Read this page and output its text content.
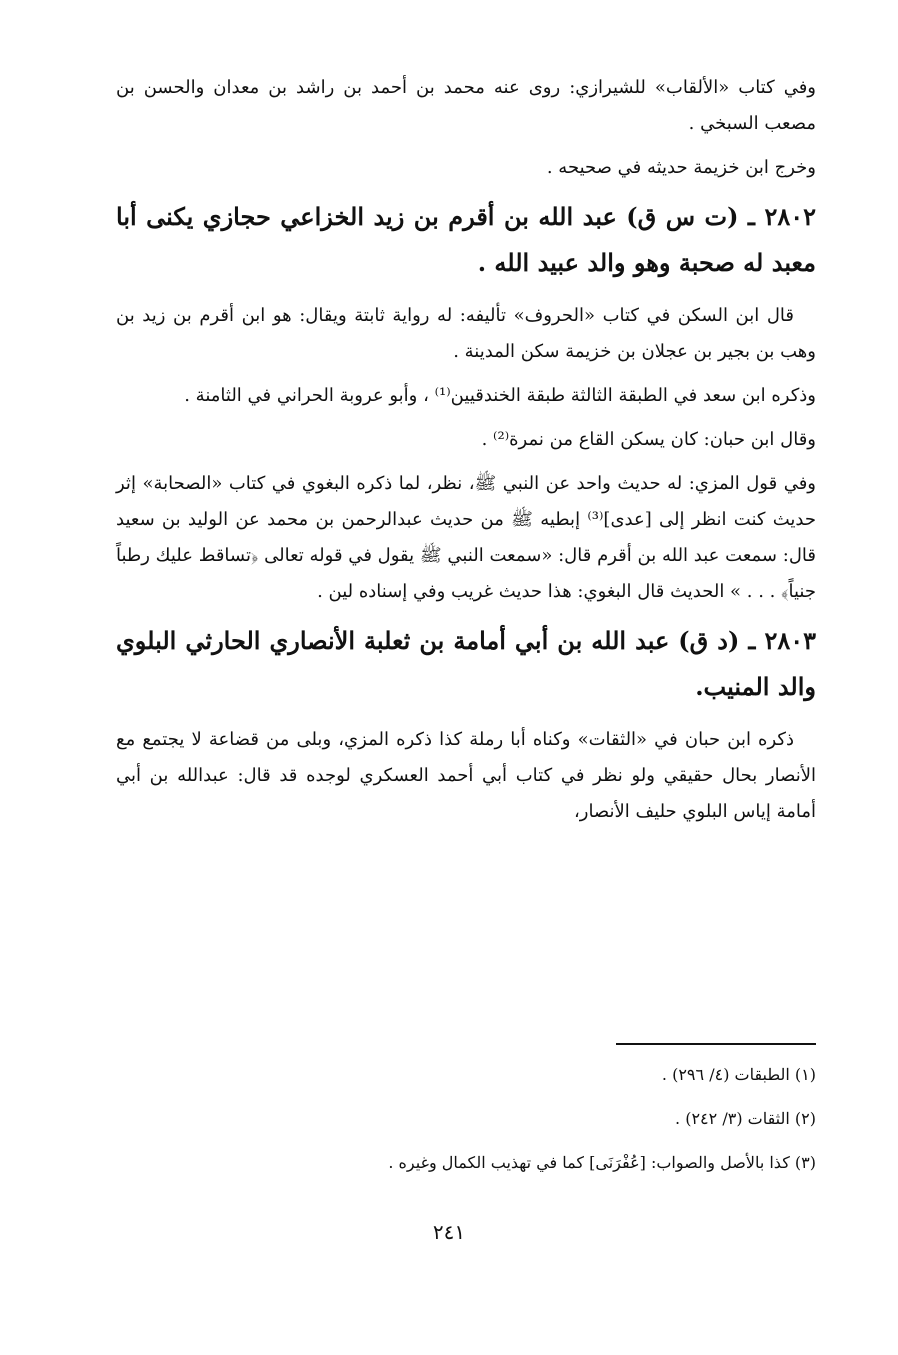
وفي كتاب «الألقاب» للشيرازي: روى عنه محمد بن أحمد بن راشد بن معدان والحسن بن مصعب السبخي .

وخرج ابن خزيمة حديثه في صحيحه .

٢٨٠٢ ـ (ت س ق) عبد الله بن أقرم بن زيد الخزاعي حجازي يكنى أبا معبد له صحبة وهو والد عبيد الله .

قال ابن السكن في كتاب «الحروف» تأليفه: له رواية ثابتة ويقال: هو ابن أقرم بن زيد بن وهب بن بجير بن عجلان بن خزيمة سكن المدينة .

وذكره ابن سعد في الطبقة الثالثة طبقة الخندقيين⁽¹⁾ ، وأبو عروبة الحراني في الثامنة .

وقال ابن حبان: كان يسكن القاع من نمرة⁽²⁾ .

وفي قول المزي: له حديث واحد عن النبي ﷺ، نظر، لما ذكره البغوي في كتاب «الصحابة» إثر حديث كنت انظر إلى [عدى]⁽³⁾ إبطيه ﷺ من حديث عبدالرحمن بن محمد عن الوليد بن سعيد قال: سمعت عبد الله بن أقرم قال: «سمعت النبي ﷺ يقول في قوله تعالى ﴿تساقط عليك رطباً جنياً﴾ . . . » الحديث قال البغوي: هذا حديث غريب وفي إسناده لين .

٢٨٠٣ ـ (د ق) عبد الله بن أبي أمامة بن ثعلبة الأنصاري الحارثي البلوي والد المنيب.

ذكره ابن حبان في «الثقات» وكناه أبا رملة كذا ذكره المزي، وبلى من قضاعة لا يجتمع مع الأنصار بحال حقيقي ولو نظر في كتاب أبي أحمد العسكري لوجده قد قال: عبدالله بن أبي أمامة إياس البلوي حليف الأنصار،

(١) الطبقات (٤/ ٢٩٦) .

(٢) الثقات (٣/ ٢٤٢) .

(٣) كذا بالأصل والصواب: [عُفْرَنَى] كما في تهذيب الكمال وغيره .

٢٤١
